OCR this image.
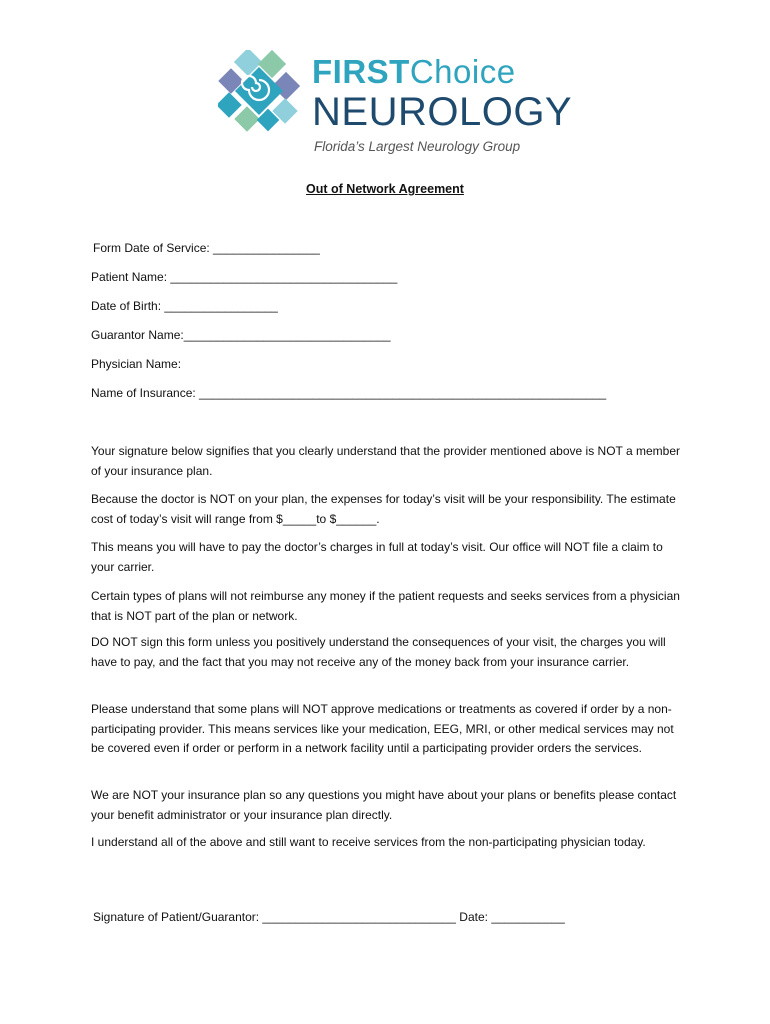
FIRSTChoice
NEUROLOGY
Florida’s Largest Neurology Group
Out of Network Agreement
Form Date of Service: ________________
Patient Name: __________________________________
Date of Birth: _________________
Guarantor Name:_______________________________
Physician Name:
Name of Insurance: _____________________________________________________________

Your signature below signifies that you clearly understand that the provider mentioned above is NOT a member of your insurance plan.

Because the doctor is NOT on your plan, the expenses for today’s visit will be your responsibility. The estimate cost of today’s visit will range from $_____to $______.

This means you will have to pay the doctor’s charges in full at today’s visit. Our office will NOT file a claim to your carrier.

Certain types of plans will not reimburse any money if the patient requests and seeks services from a physician that is NOT part of the plan or network.

DO NOT sign this form unless you positively understand the consequences of your visit, the charges you will have to pay, and the fact that you may not receive any of the money back from your insurance carrier.

Please understand that some plans will NOT approve medications or treatments as covered if order by a non-participating provider. This means services like your medication, EEG, MRI, or other medical services may not be covered even if order or perform in a network facility until a participating provider orders the services.

We are NOT your insurance plan so any questions you might have about your plans or benefits please contact your benefit administrator or your insurance plan directly.

I understand all of the above and still want to receive services from the non-participating physician today.

Signature of Patient/Guarantor: _____________________________ Date: ___________
